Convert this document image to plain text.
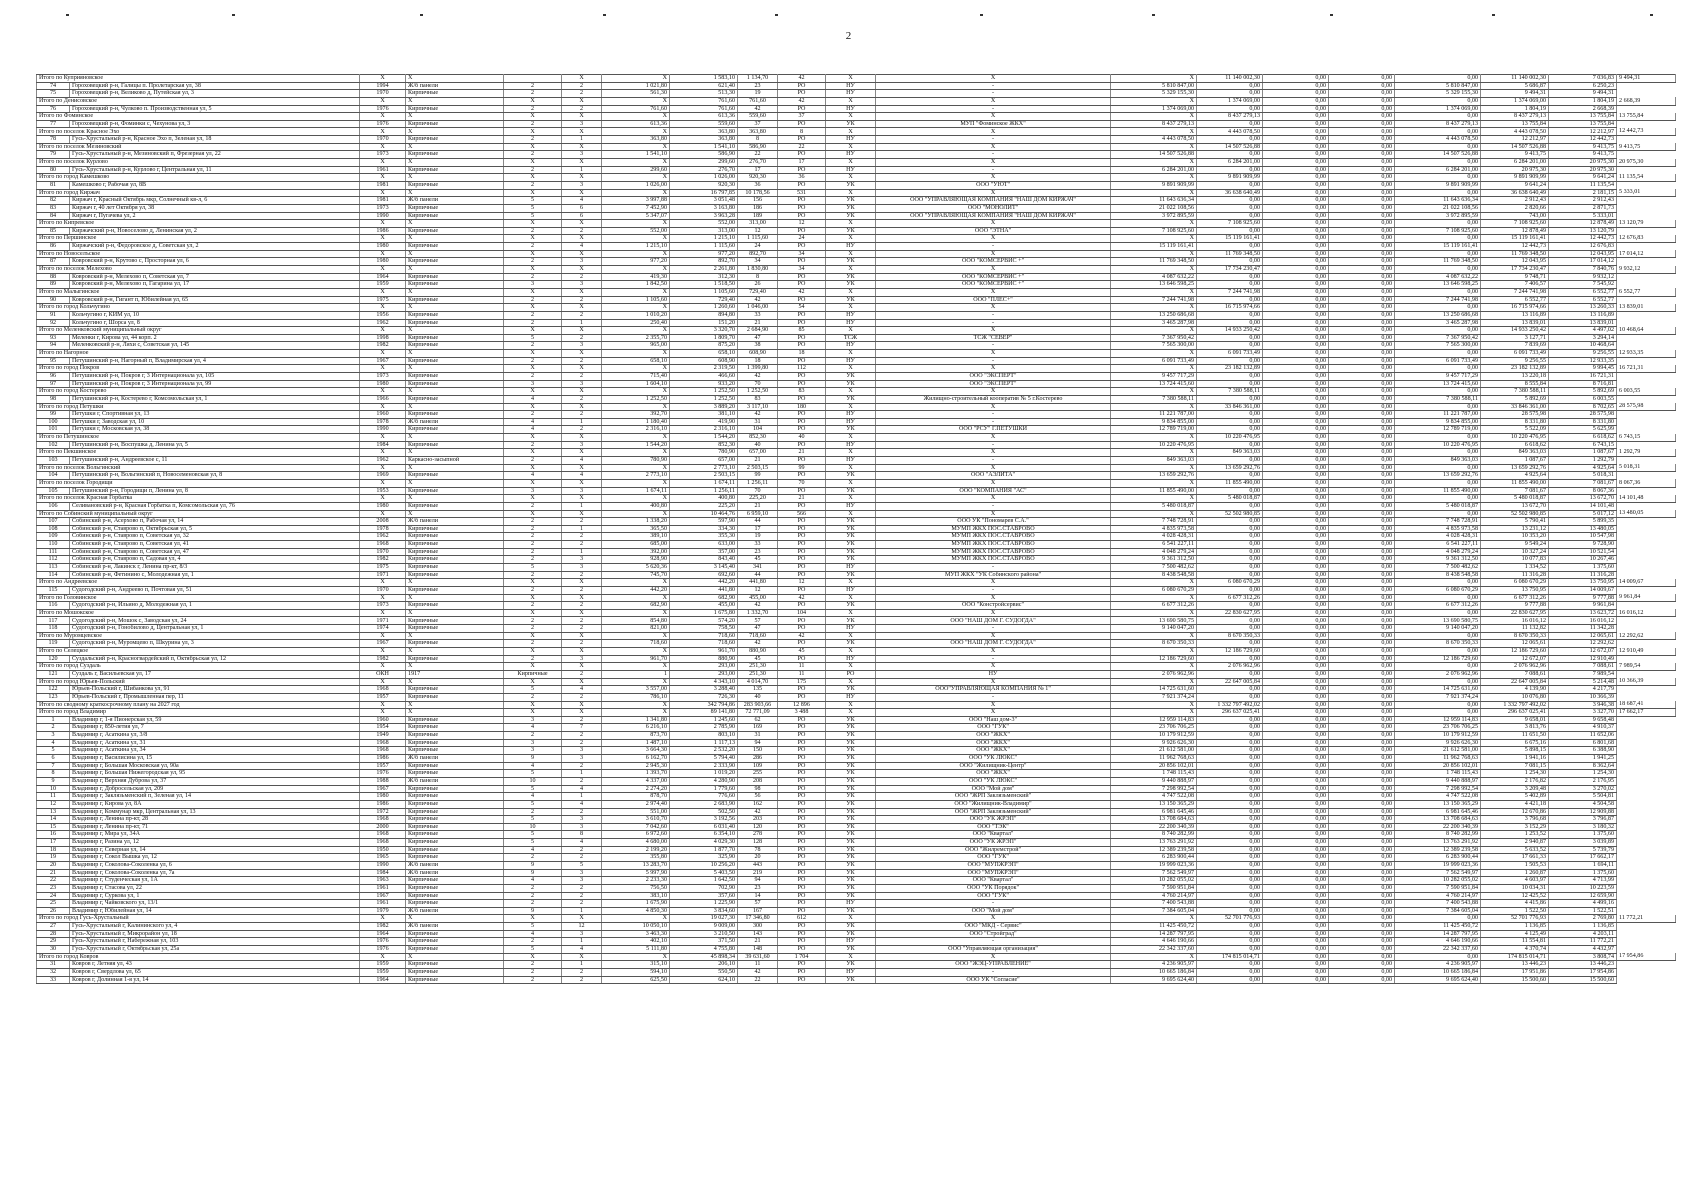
2
Итого по Куприяновское		X	X		X	X	1 583,10	1 134,70	42	X	X	X	11 140 002,30	0,00	0,00	0,00	11 140 002,30	7 036,83	9 494,31
74	Гороховецкий р-н, Галицы п. Пролетарская ул, 38	1994	Ж/б панели	2	2	1 021,80	621,40	23	РО	НУ	-	5 810 847,00	0,00	0,00	0,00	5 810 847,00	5 686,87	6 250,23	
75	Гороховецкий р-н, Великово д, Путейская ул, 3	1970	Кирпичные	2	2	561,30	513,30	19	РО	НУ	-	5 329 155,30	0,00	0,00	0,00	5 329 155,30	9 494,31	9 494,31	
Итого по Денисовское		X	X	X	X	X	761,60	761,60	42	X	X	X	1 374 069,00	0,00	0,00	0,00	1 374 069,00	1 804,19	2 668,39
76	Гороховецкий р-н, Чулково п. Производственная ул, 5	1976	Кирпичные	2	2	761,60	761,60	42	РО	НУ	-	1 374 069,00	0,00	0,00	0,00	1 374 069,00	1 804,19	2 668,39	
Итого по Фоминское		X	X	X	X	X	613,36	559,60	37	X	X	X	8 437 279,13	0,00	0,00	0,00	8 437 279,13	13 755,84	13 755,84
77	Гороховецкий р-н, Фоминки с, Чехунова ул, 3	1976	Кирпичные	2	3	613,36	559,60	37	РО	УК	МУП "Фоминское ЖКХ"	8 437 279,13	0,00	0,00	0,00	8 437 279,13	13 755,84	13 755,84	
Итого по поселок Красное Эхо		X	X	X	X	X	363,80	363,80	8	X	X	X	4 443 078,50	0,00	0,00	0,00	4 443 078,50	12 212,97	12 442,73
78	Гусь-Хрустальный р-н, Красное Эхо п, Зеленая ул, 18	1970	Кирпичные	2	1	363,80	363,80	8	РО	НУ	-	4 443 078,50	0,00	0,00	0,00	4 443 078,50	12 212,97	12 442,73	
Итого по поселок Мезиновский		X	X	X	X	X	1 541,10	586,90	22	X	X	X	14 507 526,88	0,00	0,00	0,00	14 507 526,88	9 413,75	9 413,75
79	Гусь-Хрустальный р-н, Мезиновский п, Фрезерная ул, 22	1973	Кирпичные	2	3	1 541,10	586,90	22	РО	НУ	-	14 507 526,88	0,00	0,00	0,00	14 507 526,88	9 413,75	9 413,75	
Итого по поселок Курлово		X	X	X	X	X	299,60	276,70	17	X	X	X	6 284 201,00	0,00	0,00	0,00	6 284 201,00	20 975,30	20 975,30
80	Гусь-Хрустальный р-н, Курлово г, Центральная ул, 11	1961	Кирпичные	2	1	299,60	276,70	17	РО	НУ	-	6 284 201,00	0,00	0,00	0,00	6 284 201,00	20 975,30	20 975,30	
Итого по город Камешково		X	X	X	X	X	1 026,00	920,30	36	X	X	X	9 891 909,99	0,00	0,00	0,00	9 891 909,99	9 641,24	11 135,54
81	Камешково г, Рабочая ул, 8В	1981	Кирпичные	2	3	1 026,00	920,30	36	РО	УК	ООО "УЮТ"	9 891 909,99	0,00	0,00	0,00	9 891 909,99	9 641,24	11 135,54	
Итого по город Киржач		X	X	X	X	X	16 797,85	10 178,56	531	X	X	X	36 638 640,49	0,00	0,00	0,00	36 638 640,49	2 181,15	5 333,01
82	Киржач г, Красный Октябрь мкр, Солнечный кв-л, 6	1981	Ж/б панели	5	4	3 997,88	3 051,48	156	РО	УК	ООО "УПРАВЛЯЮЩАЯ КОМПАНИЯ "НАШ ДОМ КИРЖАЧ"	11 643 636,34	0,00	0,00	0,00	11 643 636,34	2 912,43	2 912,43	
83	Киржач г, 40 лет Октября ул, 38	1973	Кирпичные	5	6	7 452,90	3 163,80	186	РО	УК	ООО "МОНОЛИТ"	21 022 108,56	0,00	0,00	0,00	21 022 108,56	2 820,66	2 871,73	
84	Киржач г, Пугачева ул, 2	1990	Кирпичные	5	6	5 347,07	3 963,28	189	РО	УК	ООО "УПРАВЛЯЮЩАЯ КОМПАНИЯ "НАШ ДОМ КИРЖАЧ"	3 972 895,59	0,00	0,00	0,00	3 972 895,59	743,00	5 333,01	
Итого по Кипревское		X	X	X	X	X	552,00	313,00	12	X	X	X	7 108 925,60	0,00	0,00	0,00	7 108 925,60	12 878,49	13 120,79
85	Киржачский р-н, Новоселово д, Ленинская ул, 2	1986	Кирпичные	2	2	552,00	313,00	12	РО	УК	ООО "ЭТНА"	7 108 925,60	0,00	0,00	0,00	7 108 925,60	12 878,49	13 120,79	
Итого по Першинское		X	X	X	X	X	1 215,10	1 115,60	24	X	X	X	15 119 161,41	0,00	0,00	0,00	15 119 161,41	12 442,73	12 676,83
86	Киржачский р-н, Федоровское д, Советская ул, 2	1980	Кирпичные	2	4	1 215,10	1 115,60	24	РО	НУ	-	15 119 161,41	0,00	0,00	0,00	15 119 161,41	12 442,73	12 676,83	
Итого по Новоселъское		X	X	X	X	X	977,20	892,70	34	X	X	X	11 769 348,50	0,00	0,00	0,00	11 769 348,50	12 043,95	17 014,12
87	Ковровский р-н, Крутово с, Просторная ул, 6	1980	Кирпичные	2	3	977,20	892,70	34	РО	УК	ООО "КОМСЕРВИС +"	11 769 348,50	0,00	0,00	0,00	11 769 348,50	12 043,95	17 014,12	
Итого по поселок Мелехово		X	X	X	X	X	2 261,80	1 830,80	34	X	X	X	17 734 230,47	0,00	0,00	0,00	17 734 230,47	7 840,76	9 932,12
88	Ковровский р-н, Мелехово п, Советская ул, 7	1964	Кирпичные	2	2	419,30	312,30	8	РО	УК	ООО "КОМСЕРВИС +"	4 087 632,22	0,00	0,00	0,00	4 087 632,22	9 748,71	9 932,12	
89	Ковровский р-н, Мелехово п, Гагарина ул, 17	1959	Кирпичные	3	3	1 842,50	1 518,50	26	РО	УК	ООО "КОМСЕРВИС +"	13 646 598,25	0,00	0,00	0,00	13 646 598,25	7 406,57	7 545,92	
Итого по Малыгинское		X	X	X	X	X	1 105,60	729,40	42	X	X	X	7 244 741,98	0,00	0,00	0,00	7 244 741,98	6 552,77	6 552,77
90	Ковровский р-н, Гигант п, Юбилейная ул, 65	1975	Кирпичные	2	2	1 105,60	729,40	42	РО	УК	ООО "ПЛЕС+"	7 244 741,98	0,00	0,00	0,00	7 244 741,98	6 552,77	6 552,77	
Итого по город Кольчугино		X	X	X	X	X	1 260,60	1 046,00	54	X	X	X	16 715 974,66	0,00	0,00	0,00	16 715 974,66	13 260,33	13 839,01
91	Кольчугино г, КИМ ул, 10	1956	Кирпичные	2	2	1 010,20	894,80	33	РО	НУ	-	13 250 686,68	0,00	0,00	0,00	13 250 686,68	13 116,89	13 116,89	
92	Кольчугино г, Шорса ул, 8	1962	Кирпичные	2	1	250,40	151,20	21	РО	НУ	-	3 465 287,98	0,00	0,00	0,00	3 465 287,98	13 839,01	13 839,01	
Итого по Меленковский муниципальный округ		X	X	X	X	X	3 320,70	2 684,90	85	X	X	X	14 933 250,42	0,00	0,00	0,00	14 933 250,42	4 497,02	10 468,64
93	Меленки г, Кирова ул, 44 корп. 2	1998	Кирпичные	5	2	2 355,70	1 809,70	47	РО	ТСЖ	ТСЖ "СЕВЕР"	7 367 950,42	0,00	0,00	0,00	7 367 950,42	3 127,71	3 294,14	
94	Меленковский р-н, Ляхи с, Советская ул, 145	1982	Кирпичные	2	3	965,00	875,20	38	РО	НУ	-	7 565 300,00	0,00	0,00	0,00	7 565 300,00	7 839,69	10 468,64	
Итого по Нагорное		X	X	X	X	X	658,10	608,90	18	X	X	X	6 091 733,49	0,00	0,00	0,00	6 091 733,49	9 256,55	12 933,35
95	Петушинский р-н, Нагорный п, Владимирская ул, 4	1967	Кирпичные	2	2	658,10	608,90	18	РО	НУ	-	6 091 733,49	0,00	0,00	0,00	6 091 733,49	9 256,55	12 933,35	
Итого по город Покров		X	X	X	X	X	2 319,50	1 399,80	112	X	X	X	23 182 132,89	0,00	0,00	0,00	23 182 132,89	9 994,45	16 721,31
96	Петушинский р-н, Покров г, 3 Интернационала ул, 105	1973	Кирпичные	2	2	715,40	466,60	42	РО	УК	ООО "ЭКСПЕРТ"	9 457 717,29	0,00	0,00	0,00	9 457 717,29	13 220,18	16 721,31	
97	Петушинский р-н, Покров г, 3 Интернационала ул, 99	1980	Кирпичные	3	3	1 604,10	933,20	70	РО	УК	ООО "ЭКСПЕРТ"	13 724 415,60	0,00	0,00	0,00	13 724 415,60	8 555,84	8 716,81	
Итого по город Костерево		X	X	X	X	X	1 252,50	1 252,50	83	X	X	X	7 380 588,11	0,00	0,00	0,00	7 380 588,11	5 892,69	6 003,55
98	Петушинский р-н, Костерево г, Комсомольская ул, 1	1966	Кирпичные	4	2	1 252,50	1 252,50	83	РО	УК	Жилищно-строительный кооператив № 5 г.Костерево	7 380 588,11	0,00	0,00	0,00	7 380 588,11	5 892,69	6 003,55	
Итого по город Петушки		X	X	X	X	X	3 889,20	3 117,10	180	X	X	X	33 846 361,00	0,00	0,00	0,00	33 846 361,00	8 702,65	28 575,98
99	Петушки г, Спортивная ул, 13	1960	Кирпичные	2	2	392,70	381,10	42	РО	НУ	-	11 221 787,00	0,00	0,00	0,00	11 221 787,00	28 575,98	28 575,98	
100	Петушки г, Заводская ул, 10	1978	Ж/б панели	4	1	1 180,40	419,90	31	РО	НУ	-	9 834 855,00	0,00	0,00	0,00	9 834 855,00	8 331,80	8 331,80	
101	Петушки г, Московская ул, 38	1990	Кирпичные	4	2	2 316,10	2 316,10	104	РО	УК	ООО "РСУ" Г.ПЕТУШКИ	12 789 719,00	0,00	0,00	0,00	12 789 719,00	5 522,09	5 625,99	
Итого по Петушинское		X	X	X	X	X	1 544,20	852,30	40	X	X	X	10 220 476,95	0,00	0,00	0,00	10 220 476,95	6 618,62	6 743,15
102	Петушинский р-н, Воспушка д, Ленина ул, 5	1984	Кирпичные	2	3	1 544,20	852,30	40	РО	НУ	-	10 220 476,95	0,00	0,00	0,00	10 220 476,95	6 618,62	6 743,15	
Итого по Пекшинское		X	X	X	X	X	780,90	657,00	21	X	X	X	849 363,03	0,00	0,00	0,00	849 363,03	1 087,67	1 292,79
103	Петушинский р-н, Андреевское с, 11	1962	Каркасно-засыпной	2	4	780,90	657,00	21	РО	НУ	-	849 363,03	0,00	0,00	0,00	849 363,03	1 087,67	1 292,79	
Итого по поселок Вольгинский		X	X	X	X	X	2 773,10	2 503,15	99	X	X	X	13 659 292,76	0,00	0,00	0,00	13 659 292,76	4 925,64	5 018,31
104	Петушинский р-н, Вольгинский п, Новосеменовская ул, 8	1969	Кирпичные	4	4	2 773,10	2 503,15	99	РО	УК	ООО "АЭЛИТА"	13 659 292,76	0,00	0,00	0,00	13 659 292,76	4 925,64	5 018,31	
Итого по поселок Городищи		X	X	X	X	X	1 674,11	1 256,11	70	X	X	X	11 855 490,00	0,00	0,00	0,00	11 855 490,00	7 081,67	8 067,36
105	Петушинский р-н, Городищи п, Ленина ул, 8	1953	Кирпичные	3	3	1 674,11	1 256,11	70	РО	УК	ООО "КОМПАНИЯ "АС"	11 855 490,00	0,00	0,00	0,00	11 855 490,00	7 081,67	8 067,36	
Итого по поселок Красная Горбатка		X	X	X	X	X	400,80	225,20	21	X	X	X	5 480 018,87	0,00	0,00	0,00	5 480 018,87	13 672,70	14 101,48
106	Селивановский р-н, Красная Горбатка п, Комсомольская ул, 76	1980	Кирпичные	2	1	400,80	225,20	21	РО	НУ	-	5 480 018,87	0,00	0,00	0,00	5 480 018,87	13 672,70	14 101,48	
Итого по Собинский муниципальный округ		X	X	X	X	X	10 464,76	6 959,10	566	X	X	X	52 502 980,85	0,00	0,00	0,00	52 502 980,85	5 017,12	13 480,05
107	Собинский р-н, Асерхово п, Рабочая ул, 14	2008	Ж/б панели	2	2	1 338,20	597,90	44	РО	УК	ООО УК "Пономарев С.А."	7 748 728,91	0,00	0,00	0,00	7 748 728,91	5 790,41	5 899,35	
108	Собинский р-н, Ставрово п, Октябрьская ул, 5	1978	Кирпичные	2	1	365,50	334,30	17	РО	УК	МУМП ЖКХ ПОС.СТАВРОВО	4 835 973,58	0,00	0,00	0,00	4 835 973,58	13 231,12	13 480,05	
109	Собинский р-н, Ставрово п, Советская ул, 32	1962	Кирпичные	2	2	389,10	355,30	19	РО	УК	МУМП ЖКХ ПОС.СТАВРОВО	4 028 428,31	0,00	0,00	0,00	4 028 428,31	10 353,20	10 547,98	
110	Собинский р-н, Ставрово п, Советская ул, 41	1968	Кирпичные	2	2	685,00	633,00	33	РО	УК	МУМП ЖКХ ПОС.СТАВРОВО	6 541 227,11	0,00	0,00	0,00	6 541 227,11	9 549,24	9 728,90	
111	Собинский р-н, Ставрово п, Советская ул, 47	1970	Кирпичные	2	1	392,00	357,00	23	РО	УК	МУМП ЖКХ ПОС.СТАВРОВО	4 048 279,24	0,00	0,00	0,00	4 048 279,24	10 327,24	10 521,54	
112	Собинский р-н, Ставрово п, Садовая ул, 4	1982	Кирпичные	2	3	928,90	843,40	45	РО	УК	МУМП ЖКХ ПОС.СТАВРОВО	9 361 312,50	0,00	0,00	0,00	9 361 312,50	10 077,83	10 267,46	
113	Собинский р-н, Лакинск г, Ленина пр-кт, 8/3	1975	Кирпичные	5	3	5 620,36	3 145,40	341	РО	НУ	-	7 500 482,62	0,00	0,00	0,00	7 500 482,62	1 334,52	1 375,60	
114	Собинский р-н, Фетинино с, Молодежная ул, 1	1971	Кирпичные	2	2	745,70	692,60	44	РО	УК	МУП ЖКХ "УК Собинского района"	8 438 548,58	0,00	0,00	0,00	8 438 548,58	11 316,28	11 316,28	
Итого по Андреевское		X	X	X	X	X	442,20	441,80	12	X	X	X	6 080 670,29	0,00	0,00	0,00	6 080 670,29	13 750,95	14 009,67
115	Судогодский р-н, Андреево п, Почтовая ул, 51	1970	Кирпичные	2	2	442,20	441,80	12	РО	НУ	-	6 080 670,29	0,00	0,00	0,00	6 080 670,29	13 750,95	14 009,67	
Итого по Головинское		X	X	X	X	X	682,90	455,00	42	X	X	X	6 677 312,26	0,00	0,00	0,00	6 677 312,26	9 777,88	9 961,84
116	Судогодский р-н, Ильино д, Молодежная ул, 1	1973	Кирпичные	2	2	682,90	455,00	42	РО	УК	ООО "Констройсервис"	6 677 312,26	0,00	0,00	0,00	6 677 312,26	9 777,88	9 961,84	
Итого по Мошокское		X	X	X	X	X	1 675,80	1 332,70	104	X	X	X	22 830 627,95	0,00	0,00	0,00	22 830 627,95	13 623,72	16 016,12
117	Судогодский р-н, Мошок с, Заводская ул, 24	1971	Кирпичные	2	2	854,80	574,20	57	РО	УК	ООО "НАШ ДОМ Г. СУДОГДА"	13 690 580,75	0,00	0,00	0,00	13 690 580,75	16 016,12	16 016,12	
118	Судогодский р-н, Гонобилово д, Центральная ул, 1	1974	Кирпичные	2	2	821,00	758,50	47	РО	НУ	-	9 140 047,20	0,00	0,00	0,00	9 140 047,20	11 132,82	11 342,28	
Итого по Муромцевское		X	X	X	X	X	718,60	718,60	42	X	X	X	8 670 350,33	0,00	0,00	0,00	8 670 350,33	12 065,61	12 292,62
119	Судогодский р-н, Муромцево п, Шкурина ул, 3	1967	Кирпичные	2	2	718,60	718,60	42	РО	УК	ООО "НАШ ДОМ Г. СУДОГДА"	8 670 350,33	0,00	0,00	0,00	8 670 350,33	12 065,61	12 292,62	
Итого по Селецкое		X	X	X	X	X	961,70	880,90	45	X	X	X	12 186 729,60	0,00	0,00	0,00	12 186 729,60	12 672,07	12 910,49
120	Суздальский р-н, Красногвардейский п, Октябрьская ул, 12	1982	Кирпичные	2	3	961,70	880,90	45	РО	НУ	-	12 186 729,60	0,00	0,00	0,00	12 186 729,60	12 672,07	12 910,49	
Итого по город Суздаль		X	X	X	X	X	293,00	251,30	11	X	X	X	2 076 962,96	0,00	0,00	0,00	2 076 962,96	7 088,61	7 989,54
121	Суздаль г, Васильевская ул, 17	ОКН	1917	Кирпичные	2	1	293,00	251,30	11	РО	НУ	2 076 962,96	0,00	0,00	0,00	2 076 962,96	7 088,61	7 989,54	
Итого по город Юрьев-Польский		X	X	X	X	X	4 343,10	4 014,70	175	X	X	X	22 647 005,84	0,00	0,00	0,00	22 647 005,84	5 214,48	10 366,39
122	Юрьев-Польский г, Шибанкова ул, 91	1968	Кирпичные	5	4	3 557,00	3 288,40	135	РО	УК	ООО"УПРАВЛЯЮЩАЯ КОМПАНИЯ № 1"	14 725 631,60	0,00	0,00	0,00	14 725 631,60	4 139,90	4 217,79	
123	Юрьев-Польский г, Промышленная пер, 11	1957	Кирпичные	2	2	786,10	726,30	40	РО	НУ	-	7 921 374,24	0,00	0,00	0,00	7 921 374,24	10 076,80	10 366,39	
Итого по сводному краткосрочному плану на 2027 год		X	X	X	X	X	342 794,86	283 903,66	12 896	X	X	X	1 332 797 492,02	0,00	0,00	0,00	1 332 797 492,02	3 946,38	18 687,41
Итого по город Владимир		X	X	X	X	X	89 141,80	72 771,09	3 488	X	X	X	296 637 025,41	0,00	0,00	0,00	296 637 025,41	3 327,70	17 662,17
1	Владимир г, 1-я Пионерская ул, 59	1960	Кирпичные	3	2	1 341,80	1 245,60	62	РО	УК	ООО "Наш дом-3"	12 959 114,83	0,00	0,00	0,00	12 959 114,83	9 658,01	9 658,48	
2	Владимир г, 850-летия ул, 7	1954	Кирпичные	4	7	6 216,10	2 785,90	169	РО	УК	ООО "ГУК"	23 706 706,25	0,00	0,00	0,00	23 706 706,25	3 813,76	4 910,37	
3	Владимир г, Асаткина ул, 3/8	1949	Кирпичные	2	2	873,70	803,10	31	РО	УК	ООО "ЖКХ"	10 179 912,59	0,00	0,00	0,00	10 179 912,59	11 651,50	11 652,06	
4	Владимир г, Асаткина ул, 31	1968	Кирпичные	3	2	1 487,10	1 117,13	94	РО	УК	ООО "ЖКХ"	9 926 626,30	0,00	0,00	0,00	9 926 626,30	6 675,16	6 801,68	
5	Владимир г, Асаткина ул, 34	1968	Кирпичные	3	3	3 664,30	2 532,20	150	РО	УК	ООО "ЖКХ"	21 612 581,00	0,00	0,00	0,00	21 612 581,00	5 898,15	6 388,90	
6	Владимир г, Василисина ул, 15	1986	Ж/б панели	9	3	6 162,70	5 794,40	286	РО	УК	ООО "УК ЛЮКС"	11 962 768,63	0,00	0,00	0,00	11 962 768,63	1 941,16	1 941,25	
7	Владимир г, Большая Московская ул, 90а	1957	Кирпичные	4	2	2 945,30	2 333,90	109	РО	УК	ООО "Жилищник-Центр"	20 856 102,01	0,00	0,00	0,00	20 856 102,01	7 081,15	8 362,64	
8	Владимир г, Большая Нижегородская ул, 95	1976	Кирпичные	5	1	1 393,70	1 019,20	255	РО	УК	ООО "ЖКХ"	1 748 115,43	0,00	0,00	0,00	1 748 115,43	1 254,30	1 254,30	
9	Владимир г, Верхняя Дуброва ул, 37	1988	Ж/б панели	10	2	4 337,00	4 280,90	208	РО	УК	ООО "УК ЛЮКС"	9 440 888,97	0,00	0,00	0,00	9 440 888,97	2 176,82	2 176,95	
10	Владимир г, Добросельская ул, 209	1967	Кирпичные	5	4	2 274,20	1 779,60	98	РО	УК	ООО "Мой дом"	7 298 992,54	0,00	0,00	0,00	7 298 992,54	3 209,48	3 270,02	
11	Владимир г, Заклязьменский п, Зеленая ул, 14	1980	Кирпичные	4	1	878,70	776,60	56	РО	УК	ООО "ЖРП Заклязьменский"	4 747 522,08	0,00	0,00	0,00	4 747 522,08	5 402,89	5 504,81	
12	Владимир г, Кирова ул, 8А	1986	Кирпичные	5	4	2 974,40	2 683,90	162	РО	УК	ООО "Жилищник-Владимир"	13 150 365,29	0,00	0,00	0,00	13 150 365,29	4 421,18	4 504,58	
13	Владимир г, Коммунар мкр, Центральная ул, 13	1972	Кирпичные	2	2	551,00	502,50	42	РО	УК	ООО "ЖРП Заклязьменский"	6 981 645,46	0,00	0,00	0,00	6 981 645,46	12 670,86	12 909,88	
14	Владимир г, Ленина пр-кт, 28	1968	Кирпичные	5	3	3 610,70	3 192,56	203	РО	УК	ООО "УК ЖРЭП"	13 708 684,63	0,00	0,00	0,00	13 708 684,63	3 796,68	3 796,87	
15	Владимир г, Ленина пр-кт, 71	2000	Кирпичные	10	3	7 042,60	6 031,40	120	РО	УК	ООО "ТЭК"	22 200 340,39	0,00	0,00	0,00	22 200 340,39	3 152,29	3 180,32	
16	Владимир г, Мира ул, 34А	1968	Кирпичные	5	8	6 972,60	6 354,10	278	РО	УК	ООО "Квартал"	8 740 282,99	0,00	0,00	0,00	8 740 282,99	1 253,52	1 375,60	
17	Владимир г, Разина ул, 12	1968	Кирпичные	5	4	4 680,00	4 029,30	128	РО	УК	ООО "УК ЖРЭП"	13 763 291,92	0,00	0,00	0,00	13 763 291,92	2 940,87	3 039,89	
18	Владимир г, Северная ул, 14	1950	Кирпичные	4	2	2 199,20	1 877,70	78	РО	УК	ООО "Жилремстрой"	12 389 239,58	0,00	0,00	0,00	12 389 239,58	5 633,52	5 739,79	
19	Владимир г, Сокол Вышка ул, 12	1965	Кирпичные	2	2	355,80	325,90	20	РО	УК	ООО "ГУК"	6 283 900,44	0,00	0,00	0,00	6 283 900,44	17 661,33	17 662,17	
20	Владимир г, Соколова-Соколенка ул, 6	1990	Ж/б панели	9	5	13 283,70	10 256,20	443	РО	УК	ООО "МУПЖРЭП"	19 999 023,36	0,00	0,00	0,00	19 999 023,36	1 505,53	1 694,11	
21	Владимир г, Соколова-Соколенка ул, 7а	1984	Ж/б панели	9	3	5 997,90	5 403,50	219	РО	УК	ООО "МУПЖРЭП"	7 562 549,97	0,00	0,00	0,00	7 562 549,97	1 260,87	1 375,60	
22	Владимир г, Студенческая ул, 1А	1963	Кирпичные	4	3	2 233,30	1 642,50	94	РО	УК	ООО "Квартал"	10 282 055,02	0,00	0,00	0,00	10 282 055,02	4 603,97	4 713,99	
23	Владимир г, Стасова ул, 22	1961	Кирпичные	2	2	756,50	702,90	23	РО	УК	ООО "УК Порядок"	7 590 951,84	0,00	0,00	0,00	7 590 951,84	10 034,31	10 223,59	
24	Владимир г, Суркова ул, 1	1967	Кирпичные	2	2	383,10	357,60	14	РО	УК	ООО "ГУК"	4 760 214,97	0,00	0,00	0,00	4 760 214,97	12 425,52	12 659,90	
25	Владимир г, Чайковского ул, 13/1	1961	Кирпичные	2	2	1 675,90	1 225,90	57	РО	НУ	-	7 400 543,88	0,00	0,00	0,00	7 400 543,88	4 415,86	4 499,16	
26	Владимир г, Юбилейная ул, 14	1979	Ж/б панели	9	1	4 850,30	3 834,60	167	РО	УК	ООО "Мой дом"	7 384 605,04	0,00	0,00	0,00	7 384 605,04	1 522,50	1 522,51	
Итого по город Гусь-Хрустальный		X	X	X	X	X	19 027,30	17 346,80	612	X	X	X	52 701 776,93	0,00	0,00	0,00	52 701 776,93	2 769,80	11 772,21
27	Гусь-Хрустальный г, Калининского ул, 4	1982	Ж/б панели	5	12	10 050,10	9 009,00	300	РО	УК	ООО "МКД - Сервис"	11 425 450,72	0,00	0,00	0,00	11 425 450,72	1 136,85	1 136,85	
28	Гусь-Хрустальный г, Микрорайон ул, 18	1964	Кирпичные	4	3	3 463,30	3 210,50	143	РО	УК	ООО "Стройград"	14 287 797,95	0,00	0,00	0,00	14 287 797,95	4 125,49	4 203,11	
29	Гусь-Хрустальный г, Набережная ул, 103	1976	Кирпичные	2	1	402,10	371,50	21	РО	НУ	-	4 646 190,66	0,00	0,00	0,00	4 646 190,66	11 554,81	11 772,21	
30	Гусь-Хрустальный г, Октябрьская ул, 25а	1976	Кирпичные	5	4	5 111,80	4 755,80	148	РО	УК	ООО "Управляющая организация"	22 342 337,60	0,00	0,00	0,00	22 342 337,60	4 370,74	4 432,97	
Итого по город Ковров		X	X	X	X	X	45 898,34	39 631,60	1 704	X	X	X	174 815 014,71	0,00	0,00	0,00	174 815 014,71	3 808,74	17 954,86
31	Ковров г, Летняя ул, 43	1959	Кирпичные	2	1	315,10	206,10	11	РО	УК	ООО "ЖЭЦ-УПРАВЛЕНИЕ"	4 236 905,97	0,00	0,00	0,00	4 236 905,97	13 446,23	13 446,23	
32	Ковров г, Свердлова ул, 65	1959	Кирпичные	2	2	594,10	550,50	42	РО	НУ	-	10 665 186,84	0,00	0,00	0,00	10 665 186,84	17 951,86	17 954,86	
33	Ковров г, Долинная 1-я ул, 14	1964	Кирпичные	2	2	625,50	624,10	22	РО	УК	ООО УК "Согласие"	9 695 624,40	0,00	0,00	0,00	9 695 624,40	15 500,60	15 500,60	
